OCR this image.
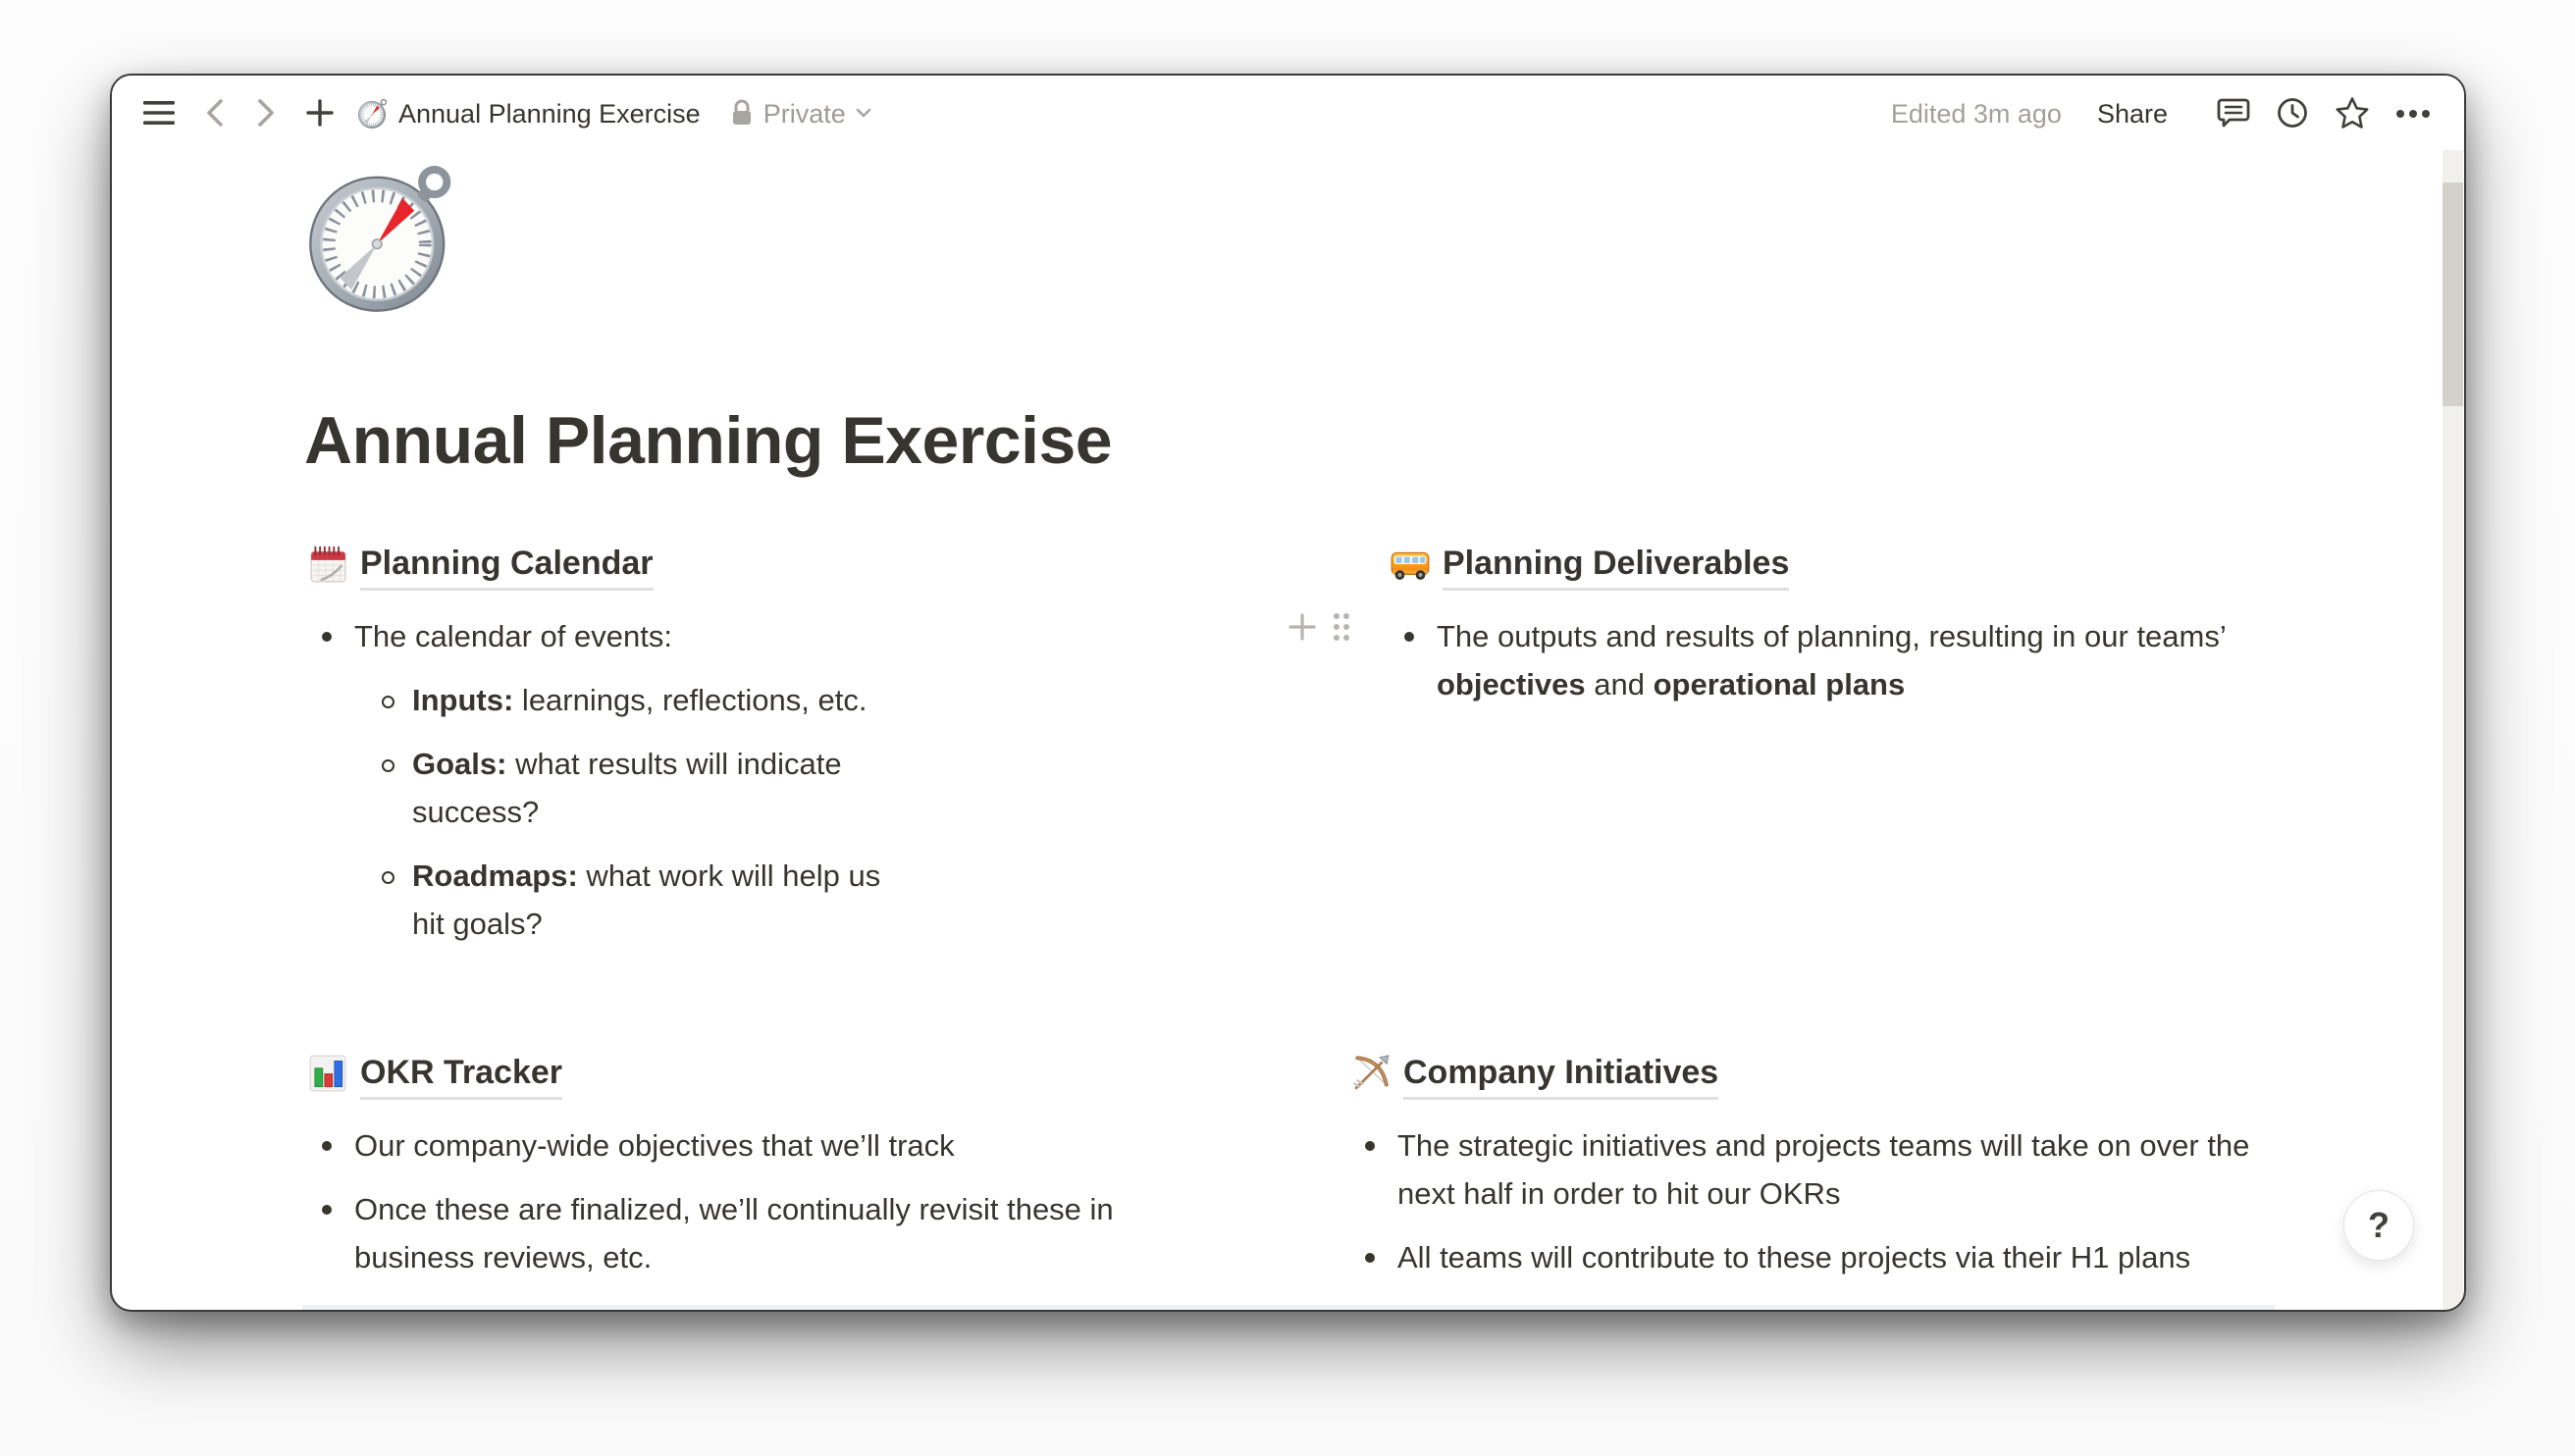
Annual Planning Exercise Private	Edited 3m ago Share
Annual Planning Exercise
Planning Calendar
The calendar of events:
Inputs: learnings, reflections, etc.
Goals: what results will indicate success?
Roadmaps: what work will help us hit goals?
Planning Deliverables
The outputs and results of planning, resulting in our teams’ objectives and operational plans
OKR Tracker
Our company-wide objectives that we’ll track
Once these are finalized, we’ll continually revisit these in business reviews, etc.
Company Initiatives
The strategic initiatives and projects teams will take on over the next half in order to hit our OKRs
All teams will contribute to these projects via their H1 plans
?
